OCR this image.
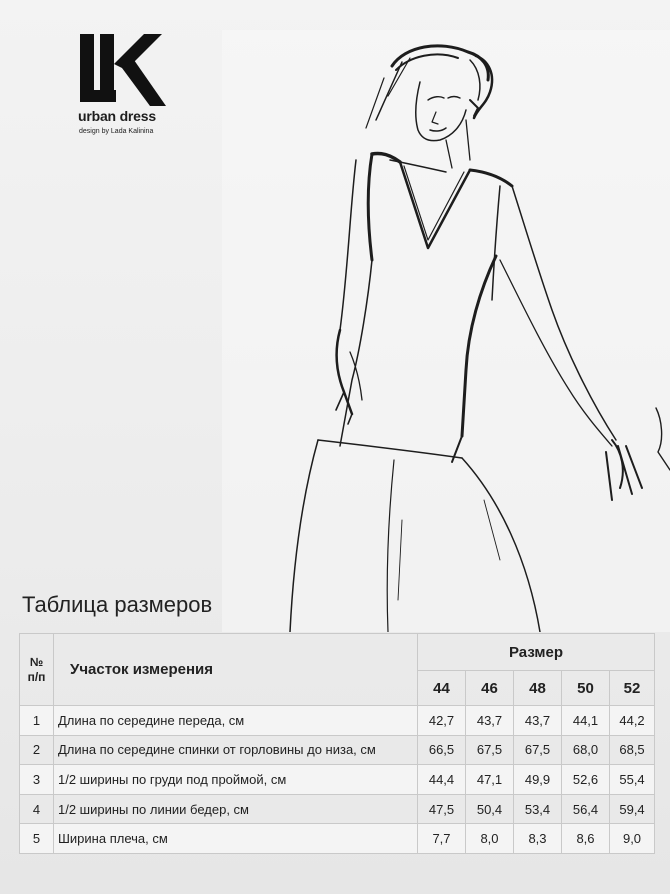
urban dress
design by Lada Kalinina
Таблица размеров
№
п/п	Участок измерения	Размер				
		44	46	48	50	52
1	Длина по середине переда, см	42,7	43,7	43,7	44,1	44,2
2	Длина по середине спинки от горловины до низа, см	66,5	67,5	67,5	68,0	68,5
3	1/2 ширины по груди под проймой, см	44,4	47,1	49,9	52,6	55,4
4	1/2 ширины по линии бедер, см	47,5	50,4	53,4	56,4	59,4
5	Ширина плеча, см	7,7	8,0	8,3	8,6	9,0
